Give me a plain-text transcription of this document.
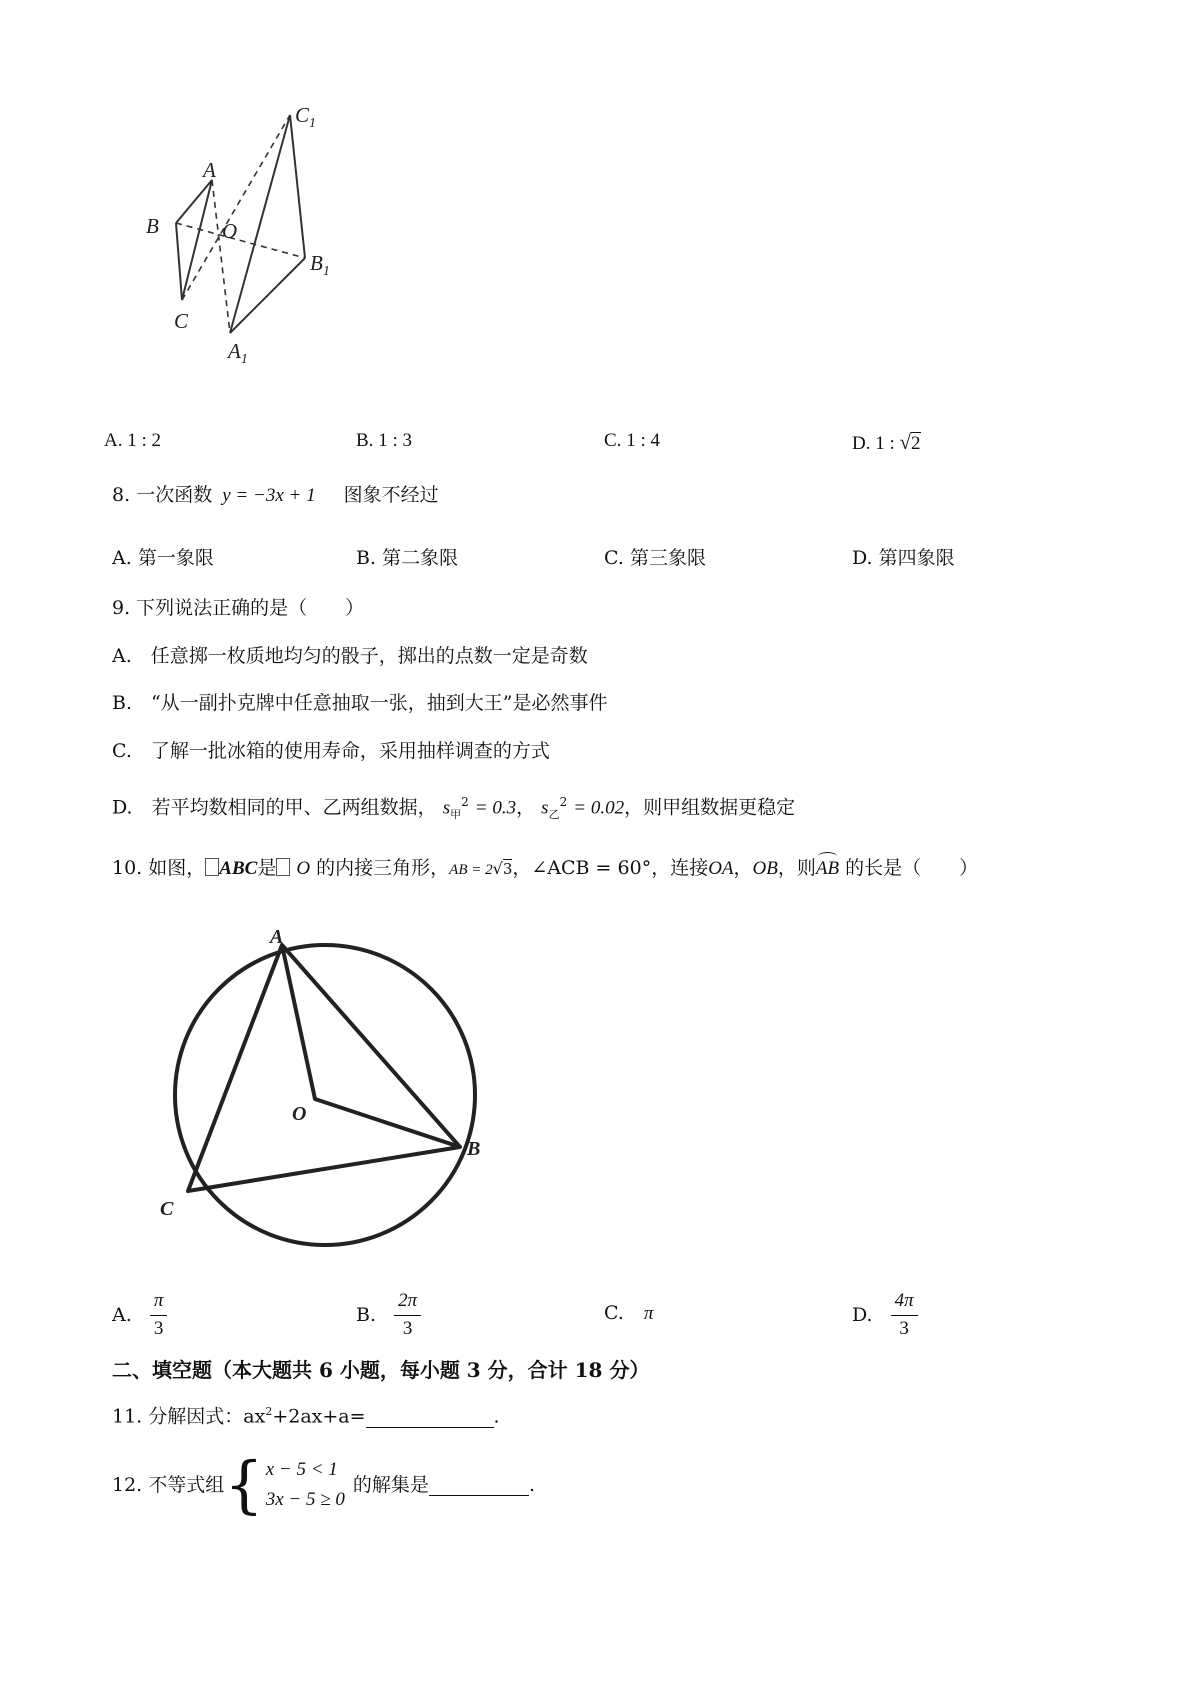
$C_1$
A
B	O
$B_1$
C
$A_1$
A. 1 : 2	B. 1 : 3	C. 1 : 4	D. 1 : √2
8. 一次函数 y = −3x + 1 图象不经过
A. 第一象限	B. 第二象限	C. 第三象限	D. 第四象限
9. 下列说法正确的是（　　）
A.　 任意掷一枚质地均匀的骰子，掷出的点数一定是奇数
B.　 “从一副扑克牌中任意抽取一张，抽到大王”是必然事件
C.　 了解一批冰箱的使用寿命，采用抽样调查的方式
D.　 若平均数相同的甲、乙两组数据， $s_甲^2 = 0.3$， $s_乙^2 = 0.02$，则甲组数据更稳定
10. 如图， ABC是 O 的内接三角形，AB = 2√3，∠ACB = 60°，连接OA，OB，则
AB 的长是（　　）
A
O
B
C
A. $\frac{\pi}{3}$	B. $\frac{2\pi}{3}$	C. π	D. $\frac{4\pi}{3}$
二、填空题（本大题共 6 小题，每小题 3 分，合计 18 分）
11. 分解因式：$ax^2+2ax+a=$	.
12.
不等式组 { x − 5 < 1
3x − 5 ≥ 0
的解集是	.
